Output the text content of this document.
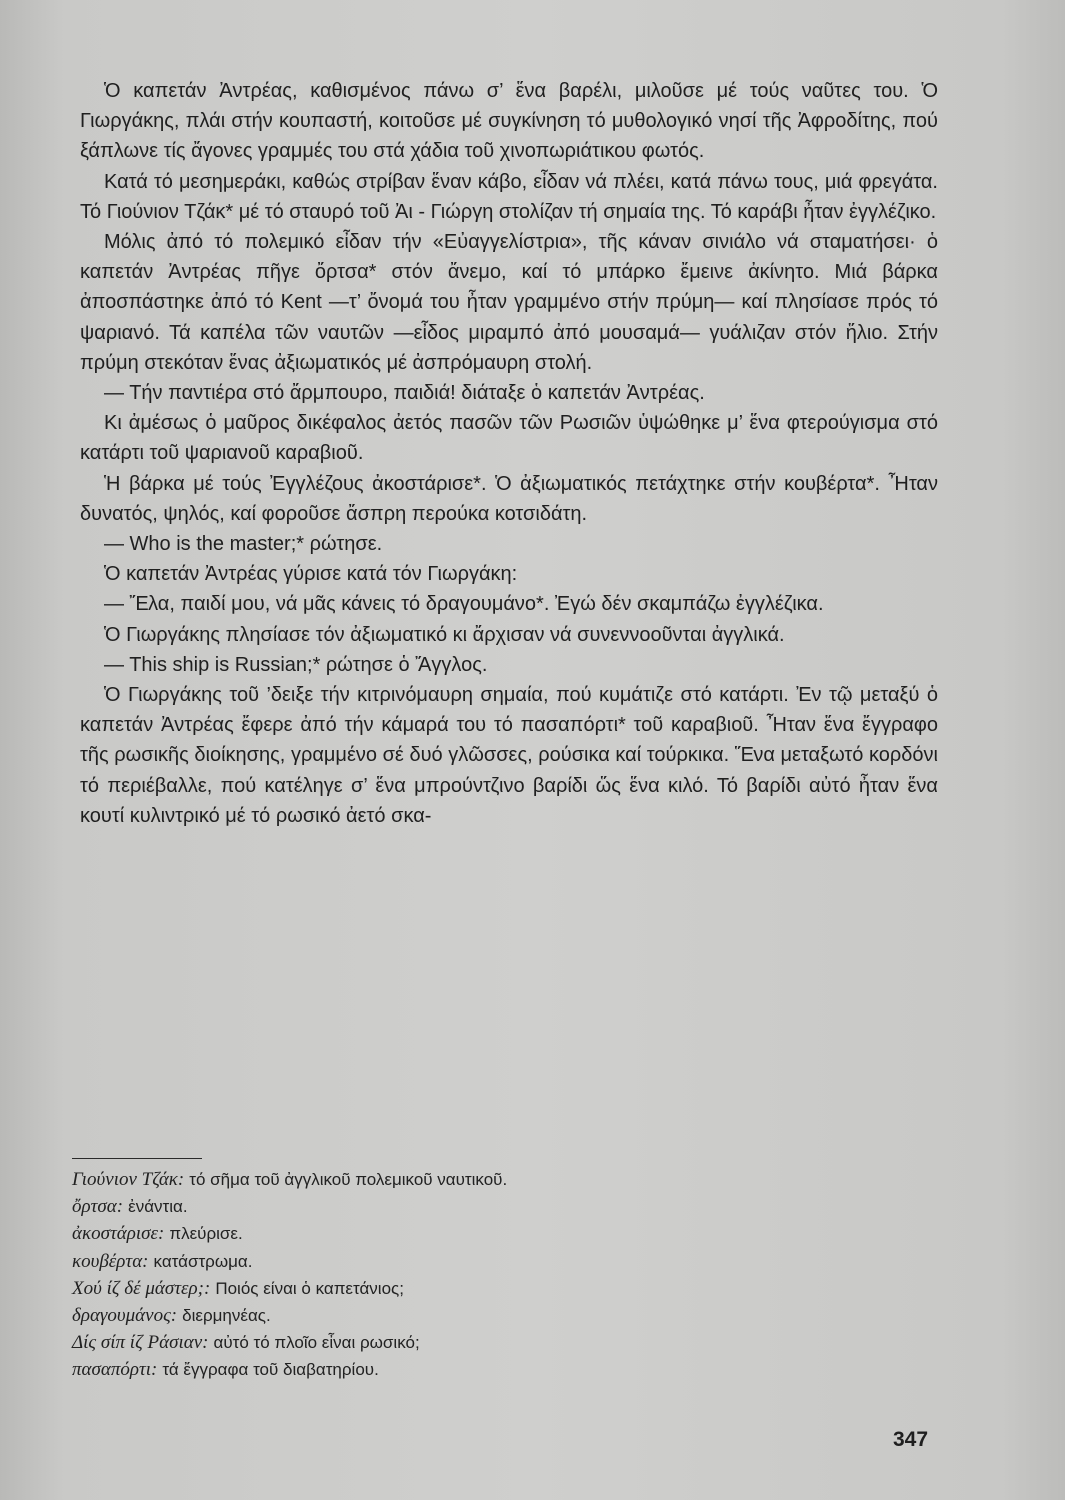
Ὁ καπετάν Ἀντρέας, καθισμένος πάνω σ’ ἕνα βαρέλι, μιλοῦσε μέ τούς ναῦτες του. Ὁ Γιωργάκης, πλάι στήν κουπαστή, κοιτοῦσε μέ συγκίνηση τό μυθολογικό νησί τῆς Ἀφροδίτης, πού ξάπλωνε τίς ἄγονες γραμμές του στά χάδια τοῦ χινοπωριάτικου φωτός.

Κατά τό μεσημεράκι, καθώς στρίβαν ἕναν κάβο, εἶδαν νά πλέει, κατά πάνω τους, μιά φρεγάτα. Τό Γιούνιον Τζάκ* μέ τό σταυρό τοῦ Ἀι - Γιώργη στολίζαν τή σημαία της. Τό καράβι ἦταν ἐγγλέζικο.

Μόλις ἀπό τό πολεμικό εἶδαν τήν «Εὐαγγελίστρια», τῆς κάναν σινιάλο νά σταματήσει· ὁ καπετάν Ἀντρέας πῆγε ὄρτσα* στόν ἄνεμο, καί τό μπάρκο ἔμεινε ἀκίνητο. Μιά βάρκα ἀποσπάστηκε ἀπό τό Kent —τ’ ὄνομά του ἦταν γραμμένο στήν πρύμη— καί πλησίασε πρός τό ψαριανό. Τά καπέλα τῶν ναυτῶν —εἶδος μιραμπό ἀπό μουσαμά— γυάλιζαν στόν ἥλιο. Στήν πρύμη στεκόταν ἕνας ἀξιωματικός μέ ἀσπρόμαυρη στολή.

— Τήν παντιέρα στό ἄρμπουρο, παιδιά! διάταξε ὁ καπετάν Ἀντρέας.

Κι ἀμέσως ὁ μαῦρος δικέφαλος ἀετός πασῶν τῶν Ρωσιῶν ὑψώθηκε μ’ ἕνα φτερούγισμα στό κατάρτι τοῦ ψαριανοῦ καραβιοῦ.

Ἡ βάρκα μέ τούς Ἐγγλέζους ἀκοστάρισε*. Ὁ ἀξιωματικός πετάχτηκε στήν κουβέρτα*. Ἦταν δυνατός, ψηλός, καί φοροῦσε ἄσπρη περούκα κοτσιδάτη.

— Who is the master;* ρώτησε.

Ὁ καπετάν Ἀντρέας γύρισε κατά τόν Γιωργάκη:

— Ἔλα, παιδί μου, νά μᾶς κάνεις τό δραγουμάνο*. Ἐγώ δέν σκαμπάζω ἐγγλέζικα.

Ὁ Γιωργάκης πλησίασε τόν ἀξιωματικό κι ἄρχισαν νά συνεννοοῦνται ἀγγλικά.

— This ship is Russian;* ρώτησε ὁ Ἄγγλος.

Ὁ Γιωργάκης τοῦ ’δειξε τήν κιτρινόμαυρη σημαία, πού κυμάτιζε στό κατάρτι. Ἐν τῷ μεταξύ ὁ καπετάν Ἀντρέας ἔφερε ἀπό τήν κάμαρά του τό πασαπόρτι* τοῦ καραβιοῦ. Ἦταν ἕνα ἔγγραφο τῆς ρωσικῆς διοίκησης, γραμμένο σέ δυό γλῶσσες, ρούσικα καί τούρκικα. Ἕνα μεταξωτό κορδόνι τό περιέβαλλε, πού κατέληγε σ’ ἕνα μπρούντζινο βαρίδι ὥς ἕνα κιλό. Τό βαρίδι αὐτό ἦταν ἕνα κουτί κυλιντρικό μέ τό ρωσικό ἀετό σκα-

Γιούνιον Τζάκ: τό σῆμα τοῦ ἀγγλικοῦ πολεμικοῦ ναυτικοῦ.
ὄρτσα: ἐνάντια.
ἀκοστάρισε: πλεύρισε.
κουβέρτα: κατάστρωμα.
Χού ίζ δέ μάστερ;: Ποιός είναι ὁ καπετάνιος;
δραγουμάνος: διερμηνέας.
Δίς σίπ ίζ Ράσιαν: αὐτό τό πλοῖο εἶναι ρωσικό;
πασαπόρτι: τά ἔγγραφα τοῦ διαβατηρίου.
347
